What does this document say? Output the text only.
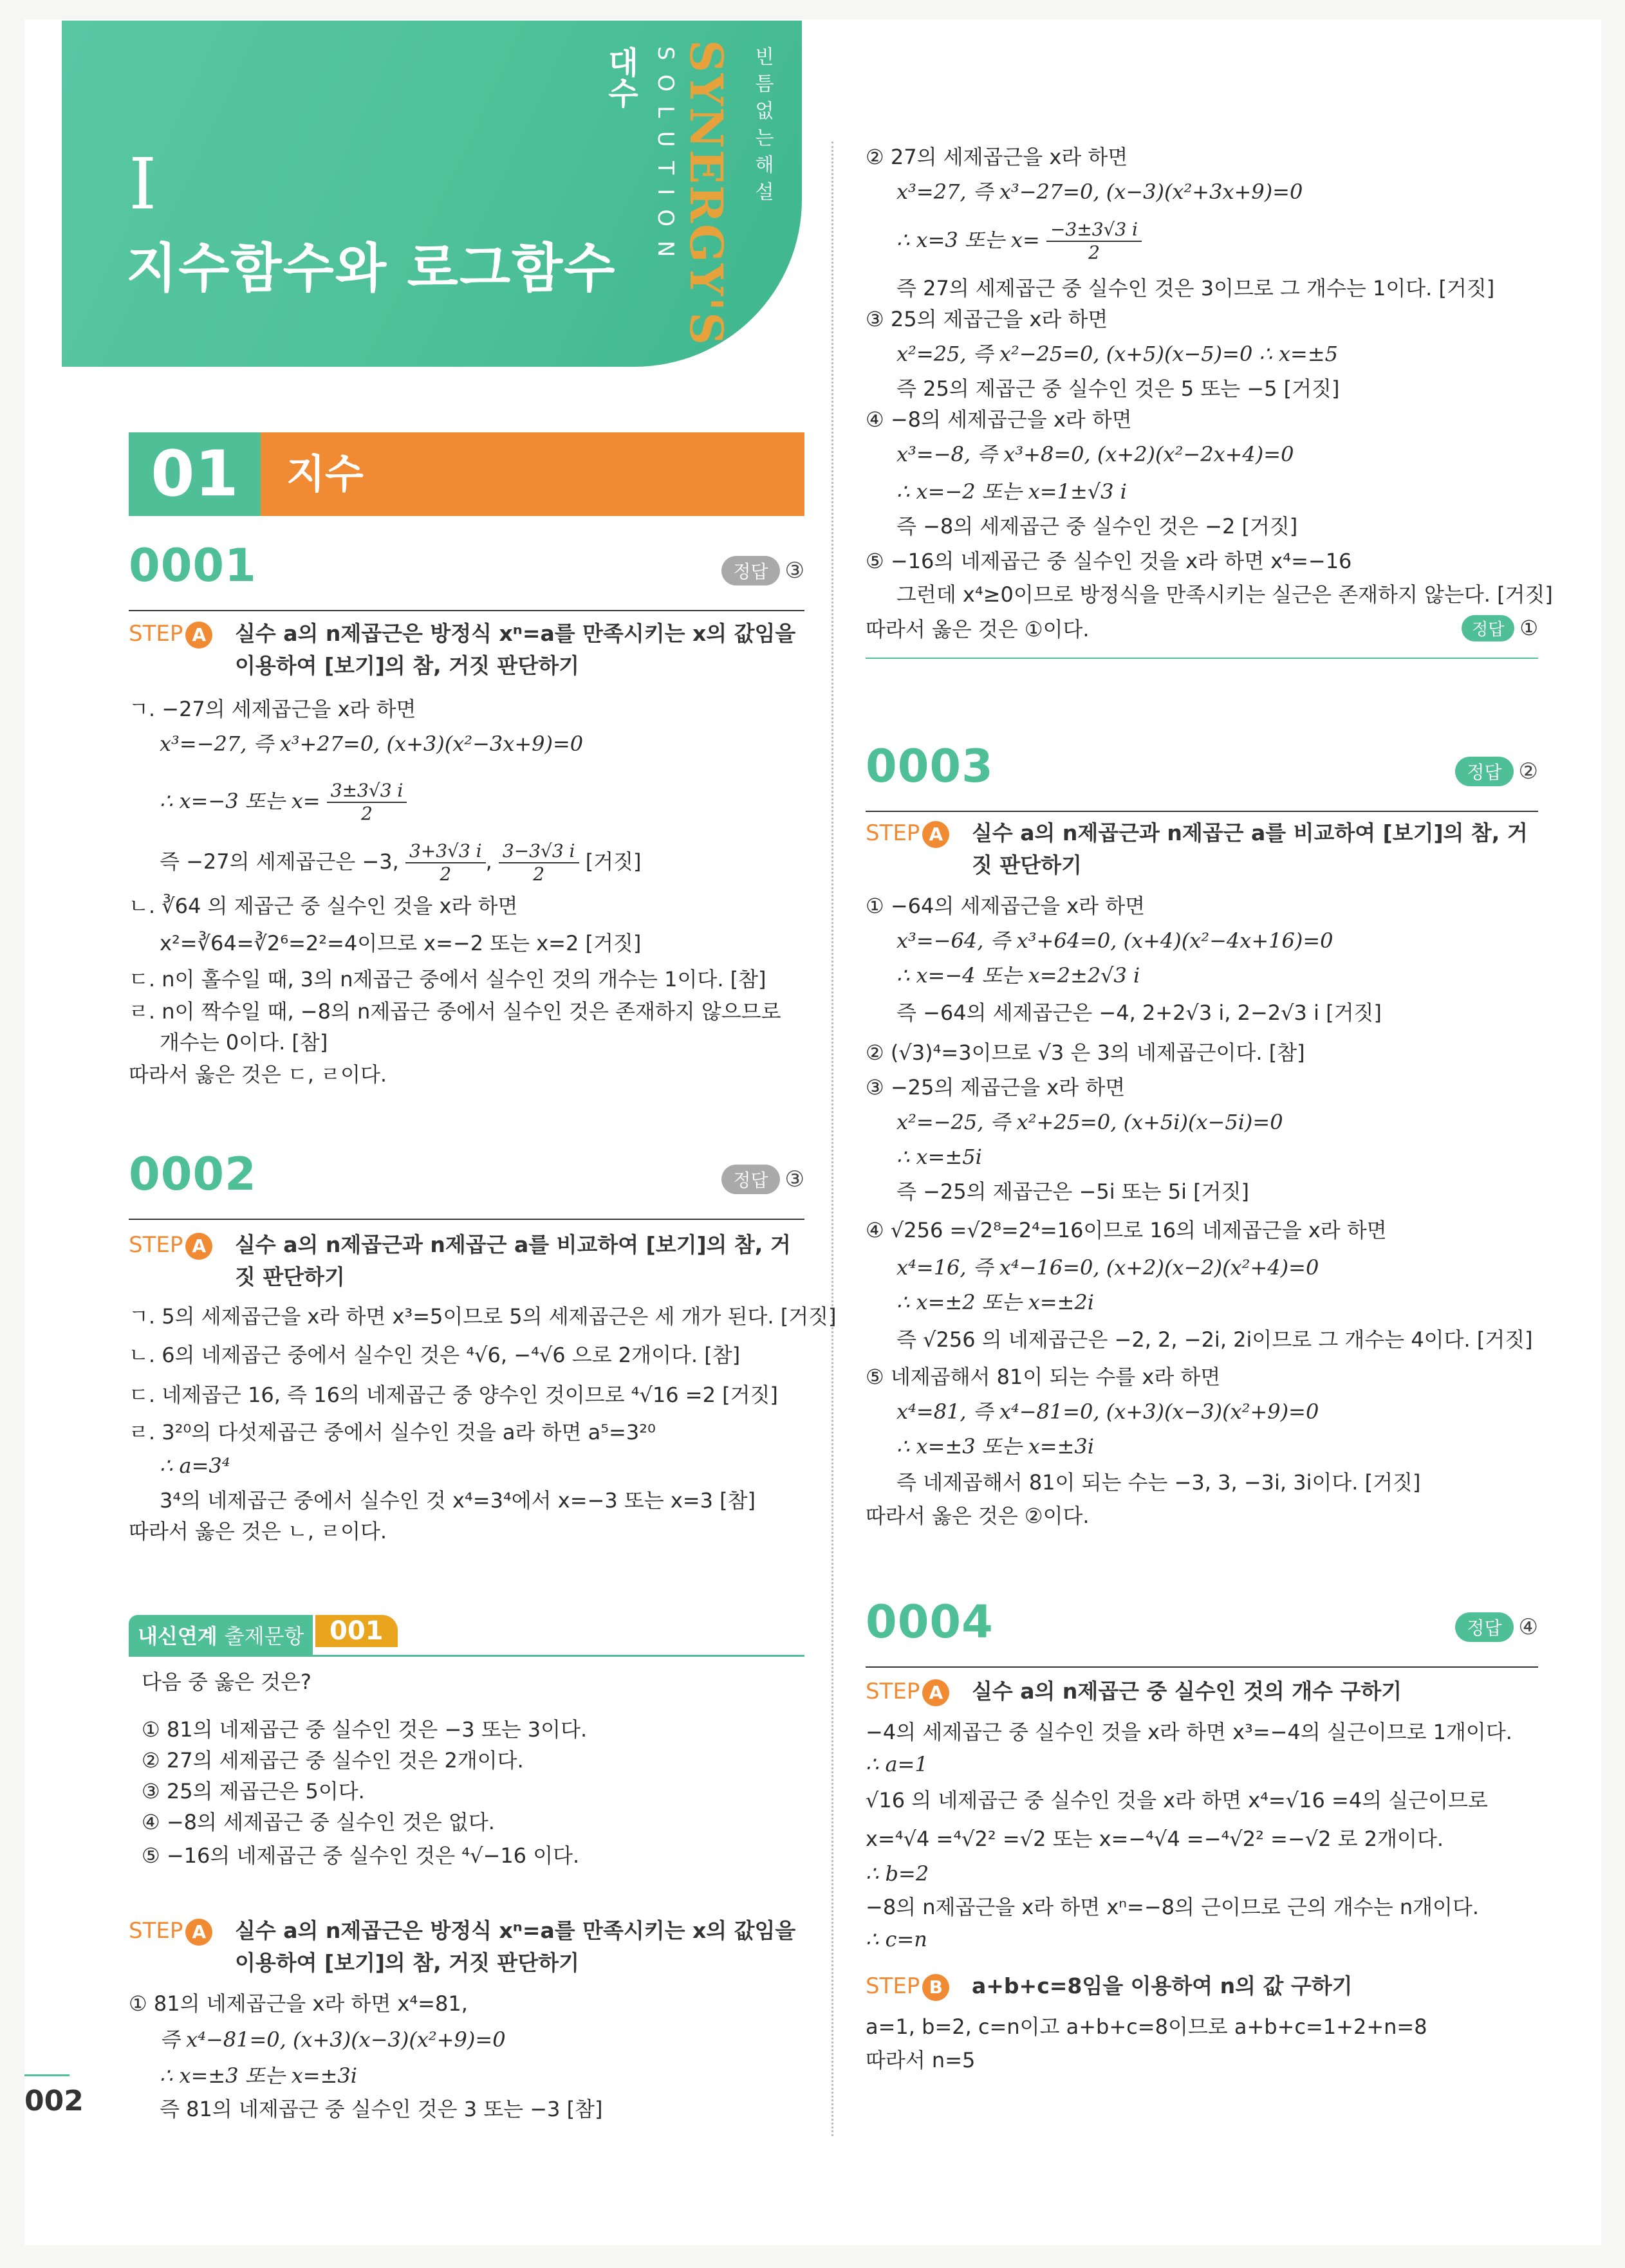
I
지수함수와 로그함수
대수 SOLUTION SYNERGY'S 빈틈없는해설
01	지수
0001	정답 ③
STEP A	실수 a의 n제곱근은 방정식 xⁿ=a를 만족시키는 x의 값임을 이용하여 [보기]의 참, 거짓 판단하기
ㄱ. −27의 세제곱근을 x라 하면
x³=−27, 즉 x³+27=0, (x+3)(x²−3x+9)=0
∴ x=−3 또는 $x= \frac{3\pm 3√3 i}{2}$
즉 −27의 세제곱근은 −3, $\frac{3+3√3 i}{2}$ , $\frac{3-3√3 i}{2}$ [거짓]
ㄴ. ∛64 의 제곱근 중 실수인 것을 x라 하면
x²=∛64=∛2⁶=2²=4이므로 x=−2 또는 x=2 [거짓]
ㄷ. n이 홀수일 때, 3의 n제곱근 중에서 실수인 것의 개수는 1이다. [참]
ㄹ. n이 짝수일 때, −8의 n제곱근 중에서 실수인 것은 존재하지 않으므로
개수는 0이다. [참]
따라서 옳은 것은 ㄷ, ㄹ이다.
0002	정답 ③
STEP A	실수 a의 n제곱근과 n제곱근 a를 비교하여 [보기]의 참, 거짓 판단하기
ㄱ. 5의 세제곱근을 x라 하면 x³=5이므로 5의 세제곱근은 세 개가 된다. [거짓]
ㄴ. 6의 네제곱근 중에서 실수인 것은 ⁴√6, −⁴√6 으로 2개이다. [참]
ㄷ. 네제곱근 16, 즉 16의 네제곱근 중 양수인 것이므로 ⁴√16 =2 [거짓]
ㄹ. 3²⁰의 다섯제곱근 중에서 실수인 것을 a라 하면 a⁵=3²⁰
∴ a=3⁴
3⁴의 네제곱근 중에서 실수인 것 x⁴=3⁴에서 x=−3 또는 x=3 [참]
따라서 옳은 것은 ㄴ, ㄹ이다.
내신연계 출제문항 001
다음 중 옳은 것은?
① 81의 네제곱근 중 실수인 것은 −3 또는 3이다.
② 27의 세제곱근 중 실수인 것은 2개이다.
③ 25의 제곱근은 5이다.
④ −8의 세제곱근 중 실수인 것은 없다.
⑤ −16의 네제곱근 중 실수인 것은 ⁴√−16 이다.
STEP A	실수 a의 n제곱근은 방정식 xⁿ=a를 만족시키는 x의 값임을 이용하여 [보기]의 참, 거짓 판단하기
① 81의 네제곱근을 x라 하면 x⁴=81,
즉 x⁴−81=0, (x+3)(x−3)(x²+9)=0
∴ x=±3 또는 x=±3i
즉 81의 네제곱근 중 실수인 것은 3 또는 −3 [참]
② 27의 세제곱근을 x라 하면
x³=27, 즉 x³−27=0, (x−3)(x²+3x+9)=0
∴ x=3 또는 $x= \frac{-3\pm 3√3 i}{2}$
즉 27의 세제곱근 중 실수인 것은 3이므로 그 개수는 1이다. [거짓]
③ 25의 제곱근을 x라 하면
x²=25, 즉 x²−25=0, (x+5)(x−5)=0 ∴ x=±5
즉 25의 제곱근 중 실수인 것은 5 또는 −5 [거짓]
④ −8의 세제곱근을 x라 하면
x³=−8, 즉 x³+8=0, (x+2)(x²−2x+4)=0
∴ x=−2 또는 x=1±√3 i
즉 −8의 세제곱근 중 실수인 것은 −2 [거짓]
⑤ −16의 네제곱근 중 실수인 것을 x라 하면 x⁴=−16
그런데 x⁴≥0이므로 방정식을 만족시키는 실근은 존재하지 않는다. [거짓]
따라서 옳은 것은 ①이다.	정답 ①
0003	정답 ②
STEP A	실수 a의 n제곱근과 n제곱근 a를 비교하여 [보기]의 참, 거짓 판단하기
① −64의 세제곱근을 x라 하면
x³=−64, 즉 x³+64=0, (x+4)(x²−4x+16)=0
∴ x=−4 또는 x=2±2√3 i
즉 −64의 세제곱근은 −4, 2+2√3 i, 2−2√3 i [거짓]
② (√3)⁴=3이므로 √3 은 3의 네제곱근이다. [참]
③ −25의 제곱근을 x라 하면
x²=−25, 즉 x²+25=0, (x+5i)(x−5i)=0
∴ x=±5i
즉 −25의 제곱근은 −5i 또는 5i [거짓]
④ √256 =√2⁸=2⁴=16이므로 16의 네제곱근을 x라 하면
x⁴=16, 즉 x⁴−16=0, (x+2)(x−2)(x²+4)=0
∴ x=±2 또는 x=±2i
즉 √256 의 네제곱근은 −2, 2, −2i, 2i이므로 그 개수는 4이다. [거짓]
⑤ 네제곱해서 81이 되는 수를 x라 하면
x⁴=81, 즉 x⁴−81=0, (x+3)(x−3)(x²+9)=0
∴ x=±3 또는 x=±3i
즉 네제곱해서 81이 되는 수는 −3, 3, −3i, 3i이다. [거짓]
따라서 옳은 것은 ②이다.
0004	정답 ④
STEP A	실수 a의 n제곱근 중 실수인 것의 개수 구하기
−4의 세제곱근 중 실수인 것을 x라 하면 x³=−4의 실근이므로 1개이다.
∴ a=1
√16 의 네제곱근 중 실수인 것을 x라 하면 x⁴=√16 =4의 실근이므로
x=⁴√4 =⁴√2² =√2 또는 x=−⁴√4 =−⁴√2² =−√2 로 2개이다.
∴ b=2
−8의 n제곱근을 x라 하면 xⁿ=−8의 근이므로 근의 개수는 n개이다.
∴ c=n
STEP B	a+b+c=8임을 이용하여 n의 값 구하기
a=1, b=2, c=n이고 a+b+c=8이므로 a+b+c=1+2+n=8
따라서 n=5
002
